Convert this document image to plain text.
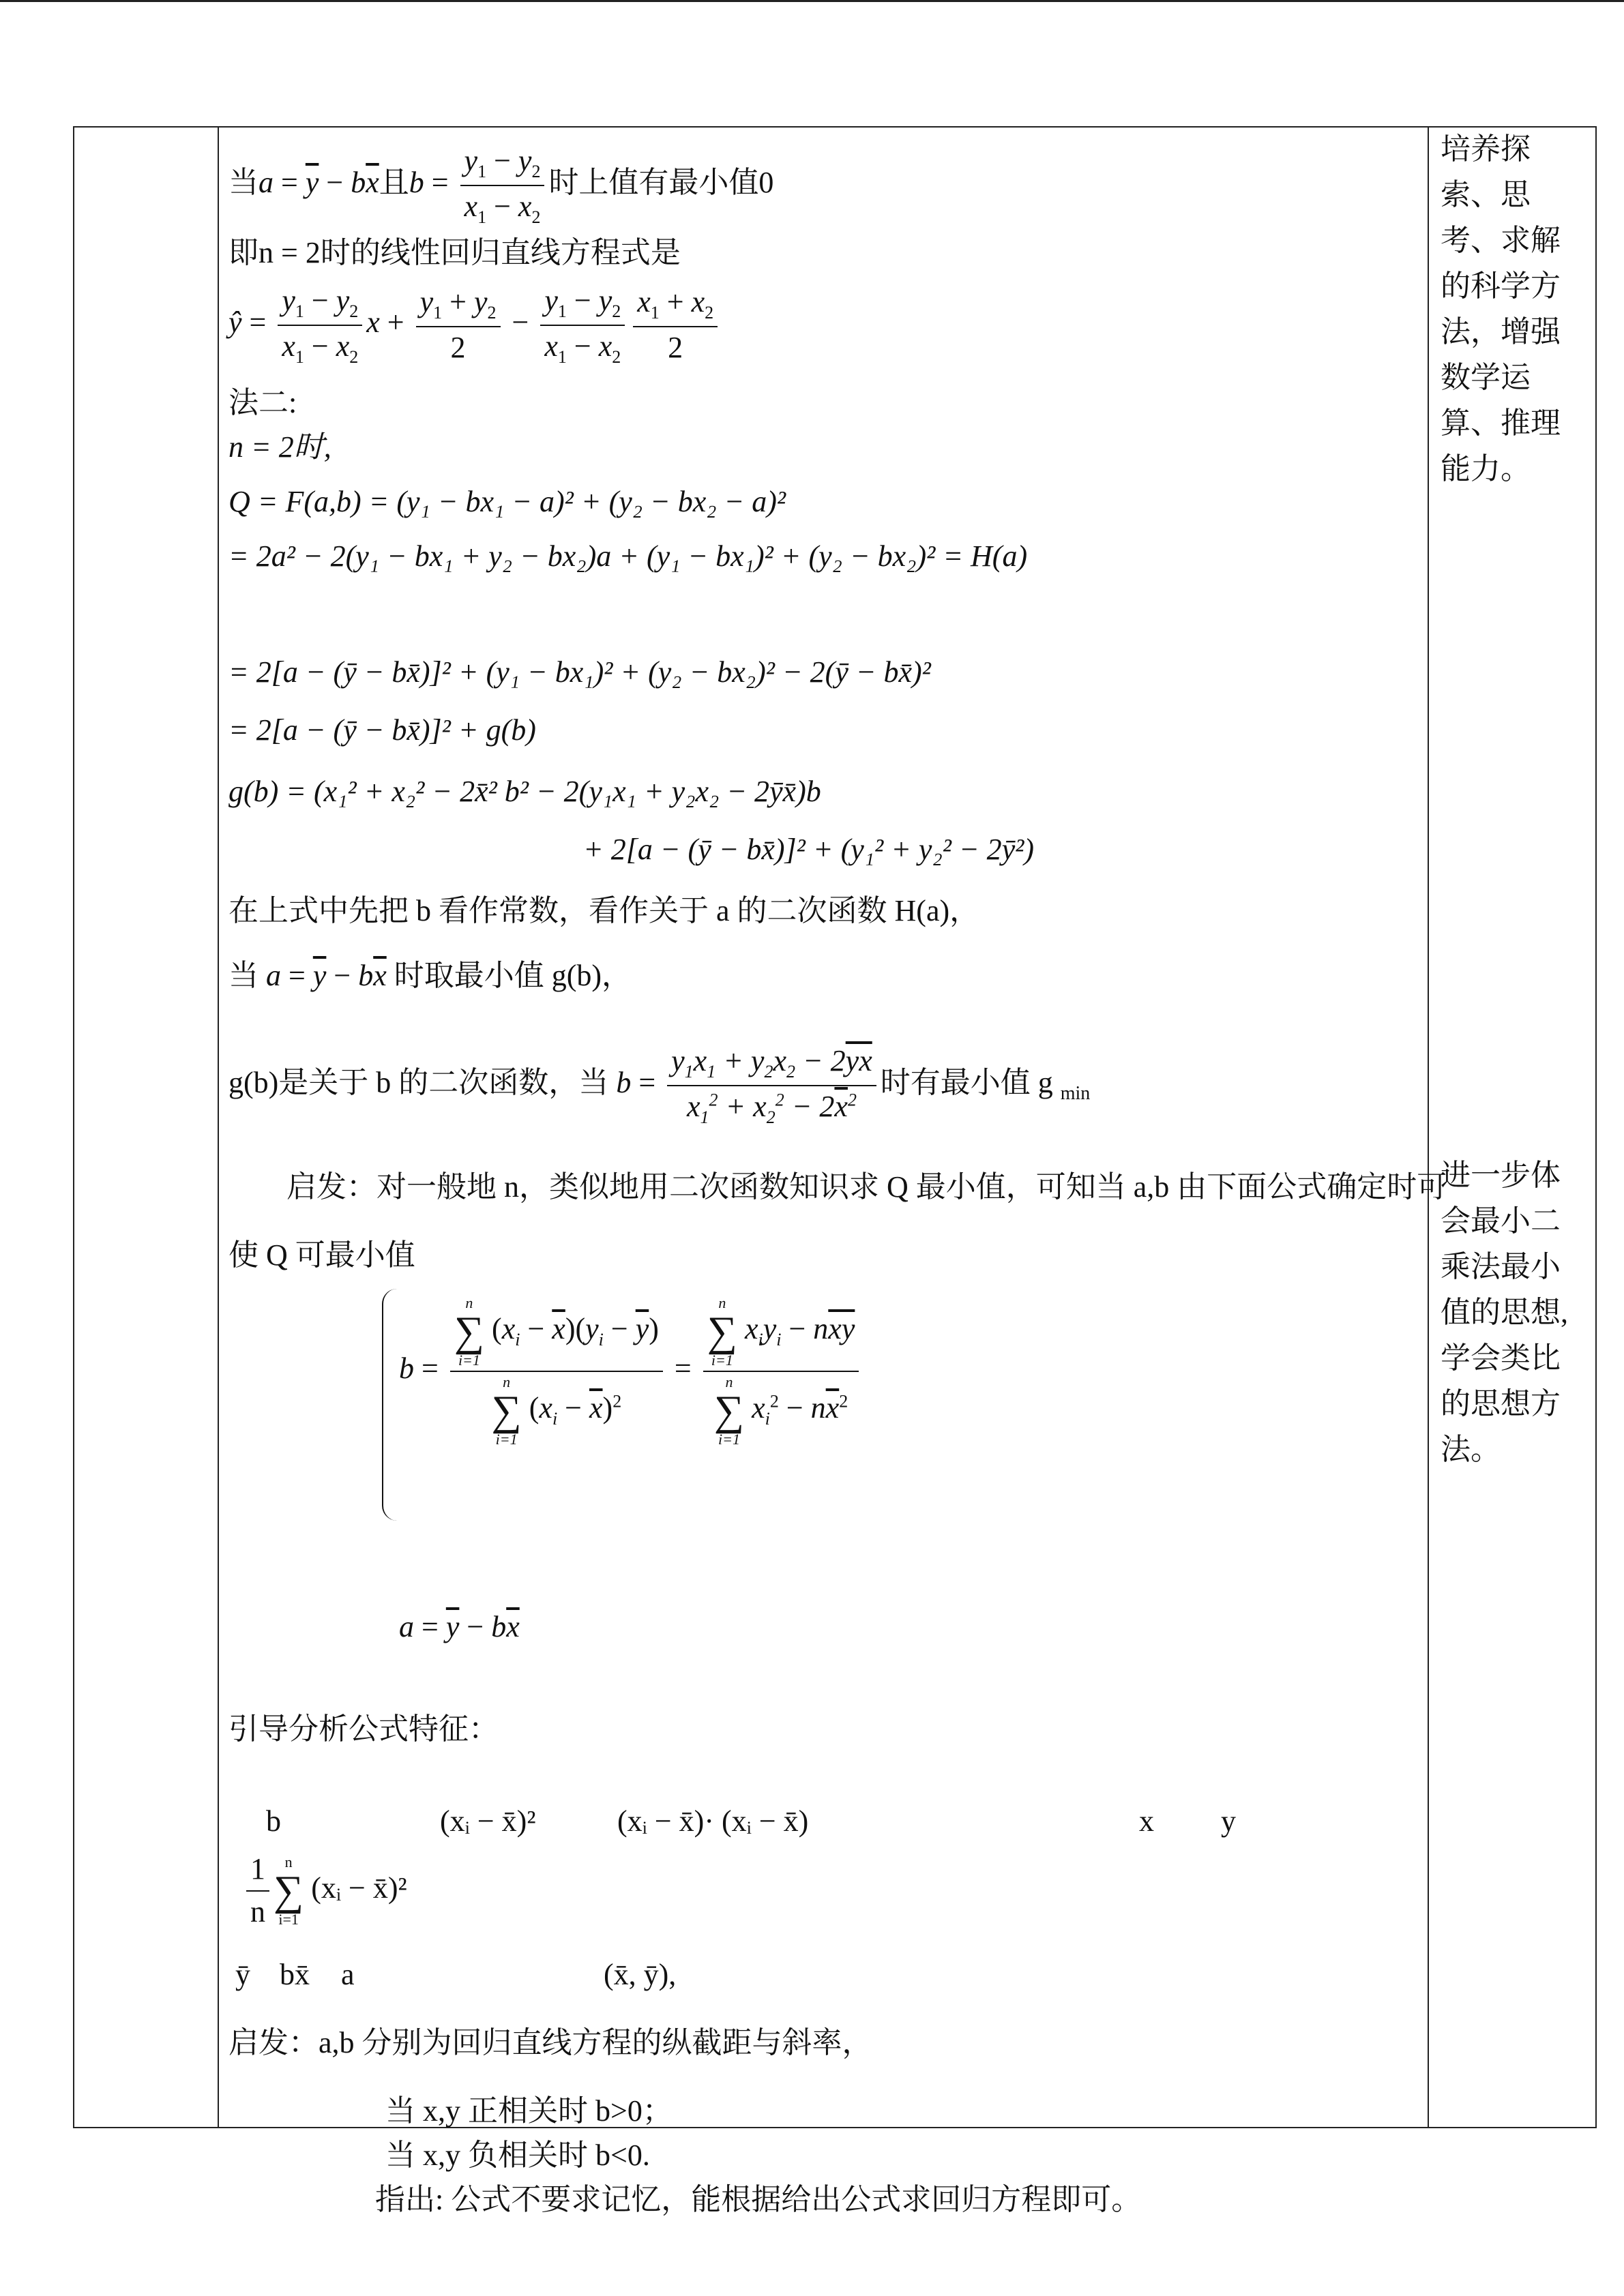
当$a = \overline{y} - b\overline{x}$且$b = \frac{y_1 - y_2}{x_1 - x_2}$ 时上值有最小值0
即n = 2时的线性回归直线方程式是
ŷ = $\frac{y_1 - y_2}{x_1 - x_2}$ $x + \frac{y_1 + y_2}{2} - \frac{y_1 - y_2}{x_1 - x_2} \frac{x_1 + x_2}{2}$
法二:
n = 2时,
Q = F(a,b) = (y₁ − bx₁ − a)² + (y₂ − bx₂ − a)²
= 2a² − 2(y₁ − bx₁ + y₂ − bx₂)a + (y₁ − bx₁)² + (y₂ − bx₂)² = H(a)
= 2[a − (ȳ − bx̄)]² + (y₁ − bx₁)² + (y₂ − bx₂)² − 2(ȳ − bx̄)²
= 2[a − (ȳ − bx̄)]² + g(b)
g(b) = (x₁² + x₂² − 2x̄² b² − 2(y₁x₁ + y₂x₂ − 2ȳx̄)b
+ 2[a − (ȳ − bx̄)]² + (y₁² + y₂² − 2ȳ²)
在上式中先把 b 看作常数，看作关于 a 的二次函数 H(a)，
当 $a = \overline{y} - b\overline{x}$ 时取最小值 g(b)，
g(b)是关于 b 的二次函数，当 $b = \frac{y_1x_1 + y_2x_2 - 2\overline{yx}}{x_1^2 + x_2^2 - 2\overline{x}^2}$ 时有最小值 g $_{min}$
启发：对一般地 n，类似地用二次函数知识求 Q 最小值，可知当 a,b 由下面公式确定时可
使 Q 可最小值
b = n
∑
i=1
$(x_i - \overline{x})(y_i - \overline{y})$
n
∑
i=1
$(x_i - \overline{x})^2 = n$
∑
i=1
$x_iy_i - n\overline{xy}$
n
∑
i=1
$x_i^2 - n\overline{x}^2$
$a = \overline{y} - b\overline{x}$
引导分析公式特征：
b	(xᵢ − x̄)²	(xᵢ − x̄)· (xᵢ − x̄)	x y
$\frac{1}{n}$	n
∑
i=1
(xᵢ − x̄)²
ȳ bx̄ a	(x̄, ȳ),
启发：a,b 分别为回归直线方程的纵截距与斜率，
当 x,y 正相关时 b>0；
当 x,y 负相关时 b<0.
指出: 公式不要求记忆，能根据给出公式求回归方程即可。
培养探索、思考、求解的科学方法，增强数学运算、推理能力。
进一步体会最小二乘法最小值的思想,学会类比的思想方法。
